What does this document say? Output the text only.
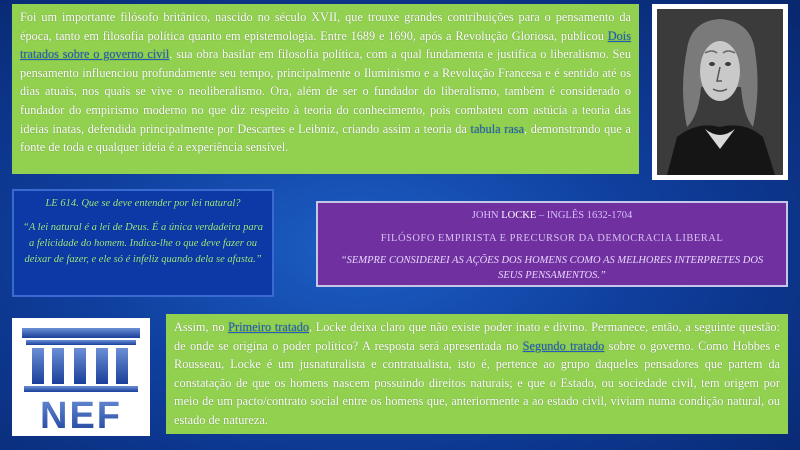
Foi um importante filósofo britânico, nascido no século XVII, que trouxe grandes contribuições para o pensamento da época, tanto em filosofia política quanto em epistemologia. Entre 1689 e 1690, após a Revolução Gloriosa, publicou Dois tratados sobre o governo civil, sua obra basilar em filosofia política, com a qual fundamenta e justifica o liberalismo. Seu pensamento influenciou profundamente seu tempo, principalmente o Iluminismo e a Revolução Francesa e é sentido até os dias atuais, nos quais se vive o neoliberalismo. Ora, além de ser o fundador do liberalismo, também é considerado o fundador do empirismo moderno no que diz respeito à teoria do conhecimento, pois combateu com astúcia a teoria das ideias inatas, defendida principalmente por Descartes e Leibniz, criando assim a teoria da tabula rasa, demonstrando que a fonte de toda e qualquer ideia é a experiência sensível.
LE 614. Que se deve entender por lei natural?
“A lei natural é a lei de Deus. É a única verdadeira para a felicidade do homem. Indica-lhe o que deve fazer ou deixar de fazer, e ele só é infeliz quando dela se afasta.”
JOHN LOCKE – INGLÊS 1632-1704
FILÓSOFO EMPIRISTA E PRECURSOR DA DEMOCRACIA LIBERAL
“SEMPRE CONSIDEREI AS AÇÕES DOS HOMENS COMO AS MELHORES INTERPRETES DOS SEUS PENSAMENTOS.”
NEF
Assim, no Primeiro tratado, Locke deixa claro que não existe poder inato e divino. Permanece, então, a seguinte questão: de onde se origina o poder político? A resposta será apresentada no Segundo tratado sobre o governo. Como Hobbes e Rousseau, Locke é um jusnaturalista e contratualista, isto é, pertence ao grupo daqueles pensadores que partem da constatação de que os homens nascem possuindo direitos naturais; e que o Estado, ou sociedade civil, tem origem por meio de um pacto/contrato social entre os homens que, anteriormente a ao estado civil, viviam numa condição natural, ou estado de natureza.
